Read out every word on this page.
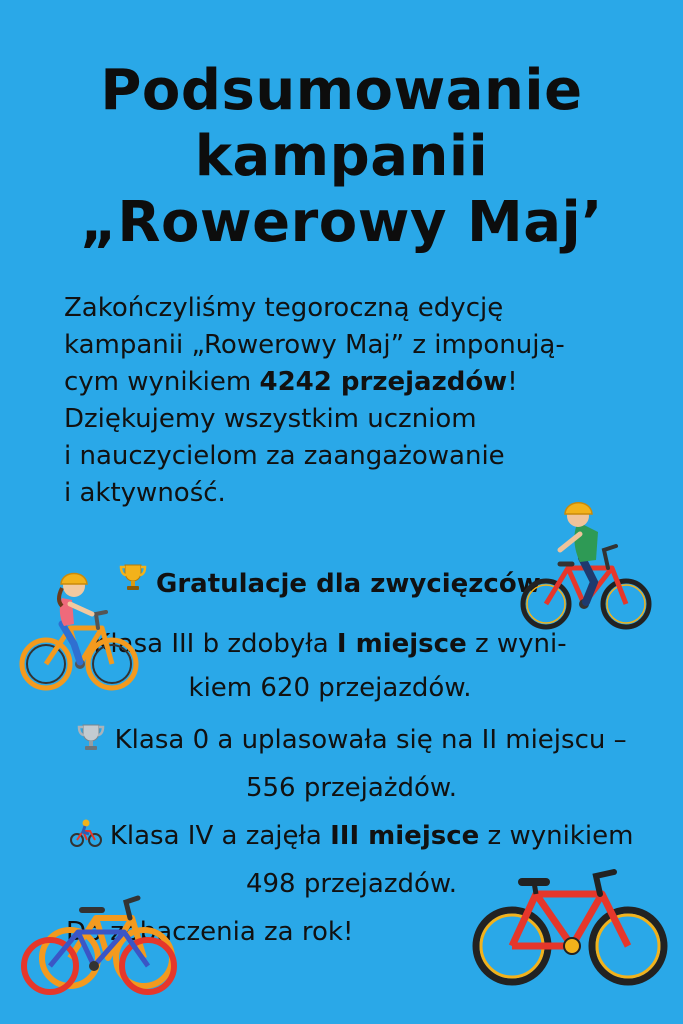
Podsumowanie
kampanii
„Rowerowy Maj’
Zakończyliśmy tegoroczną edycję
kampanii „Rowerowy Maj” z imponują-
cym wynikiem 4242 przejazdów!
Dziękujemy wszystkim uczniom
i nauczycielom za zaangażowanie
i aktywność.
Gratulacje dla zwycięzców
Klasa III b zdobyła I miejsce z wyni-
kiem 620 przejazdów.
Klasa 0 a uplasowała się na II miejscu –
556 przejażdów.
Klasa IV a zajęła III miejsce z wynikiem
498 przejazdów.
Do zobaczenia za rok!
